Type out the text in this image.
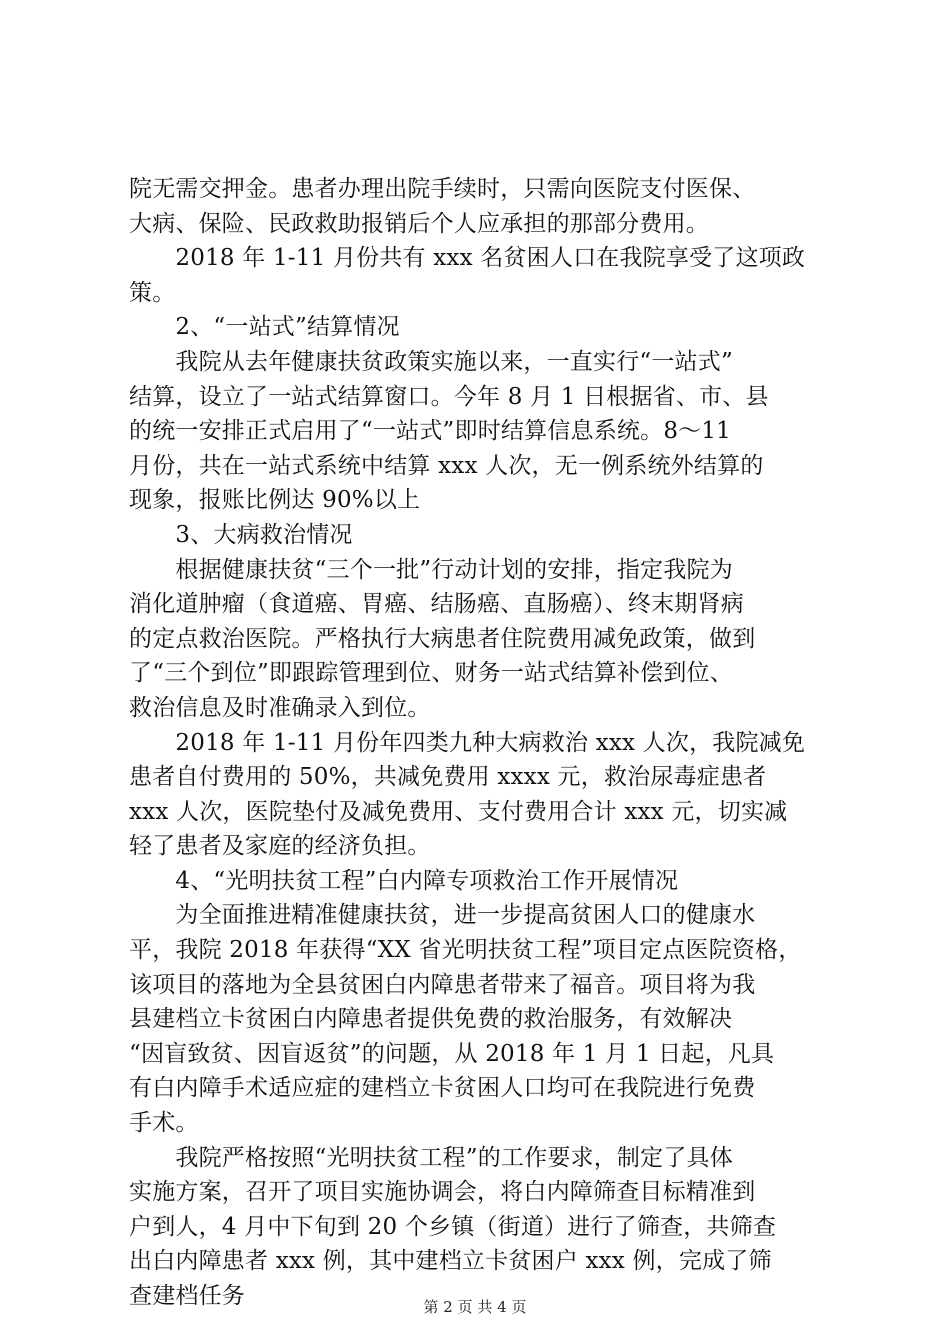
院无需交押金。患者办理出院手续时，只需向医院支付医保、
大病、保险、民政救助报销后个人应承担的那部分费用。
　　2018 年 1-11 月份共有 xxx 名贫困人口在我院享受了这项政
策。
　　2、“一站式”结算情况
　　我院从去年健康扶贫政策实施以来，一直实行“一站式”
结算，设立了一站式结算窗口。今年 8 月 1 日根据省、市、县
的统一安排正式启用了“一站式”即时结算信息系统。8～11
月份，共在一站式系统中结算 xxx 人次，无一例系统外结算的
现象，报账比例达 90%以上
　　3、大病救治情况
　　根据健康扶贫“三个一批”行动计划的安排，指定我院为
消化道肿瘤（食道癌、胃癌、结肠癌、直肠癌）、终末期肾病
的定点救治医院。严格执行大病患者住院费用减免政策，做到
了“三个到位”即跟踪管理到位、财务一站式结算补偿到位、
救治信息及时准确录入到位。
　　2018 年 1-11 月份年四类九种大病救治 xxx 人次，我院减免
患者自付费用的 50%，共减免费用 xxxx 元，救治尿毒症患者
xxx 人次，医院垫付及减免费用、支付费用合计 xxx 元，切实减
轻了患者及家庭的经济负担。
　　4、“光明扶贫工程”白内障专项救治工作开展情况
　　为全面推进精准健康扶贫，进一步提高贫困人口的健康水
平，我院 2018 年获得“XX 省光明扶贫工程”项目定点医院资格，
该项目的落地为全县贫困白内障患者带来了福音。项目将为我
县建档立卡贫困白内障患者提供免费的救治服务，有效解决
“因盲致贫、因盲返贫”的问题，从 2018 年 1 月 1 日起，凡具
有白内障手术适应症的建档立卡贫困人口均可在我院进行免费
手术。
　　我院严格按照“光明扶贫工程”的工作要求，制定了具体
实施方案，召开了项目实施协调会，将白内障筛查目标精准到
户到人，4 月中下旬到 20 个乡镇（街道）进行了筛查，共筛查
出白内障患者 xxx 例，其中建档立卡贫困户 xxx 例，完成了筛
查建档任务	第 2 页 共 4 页
